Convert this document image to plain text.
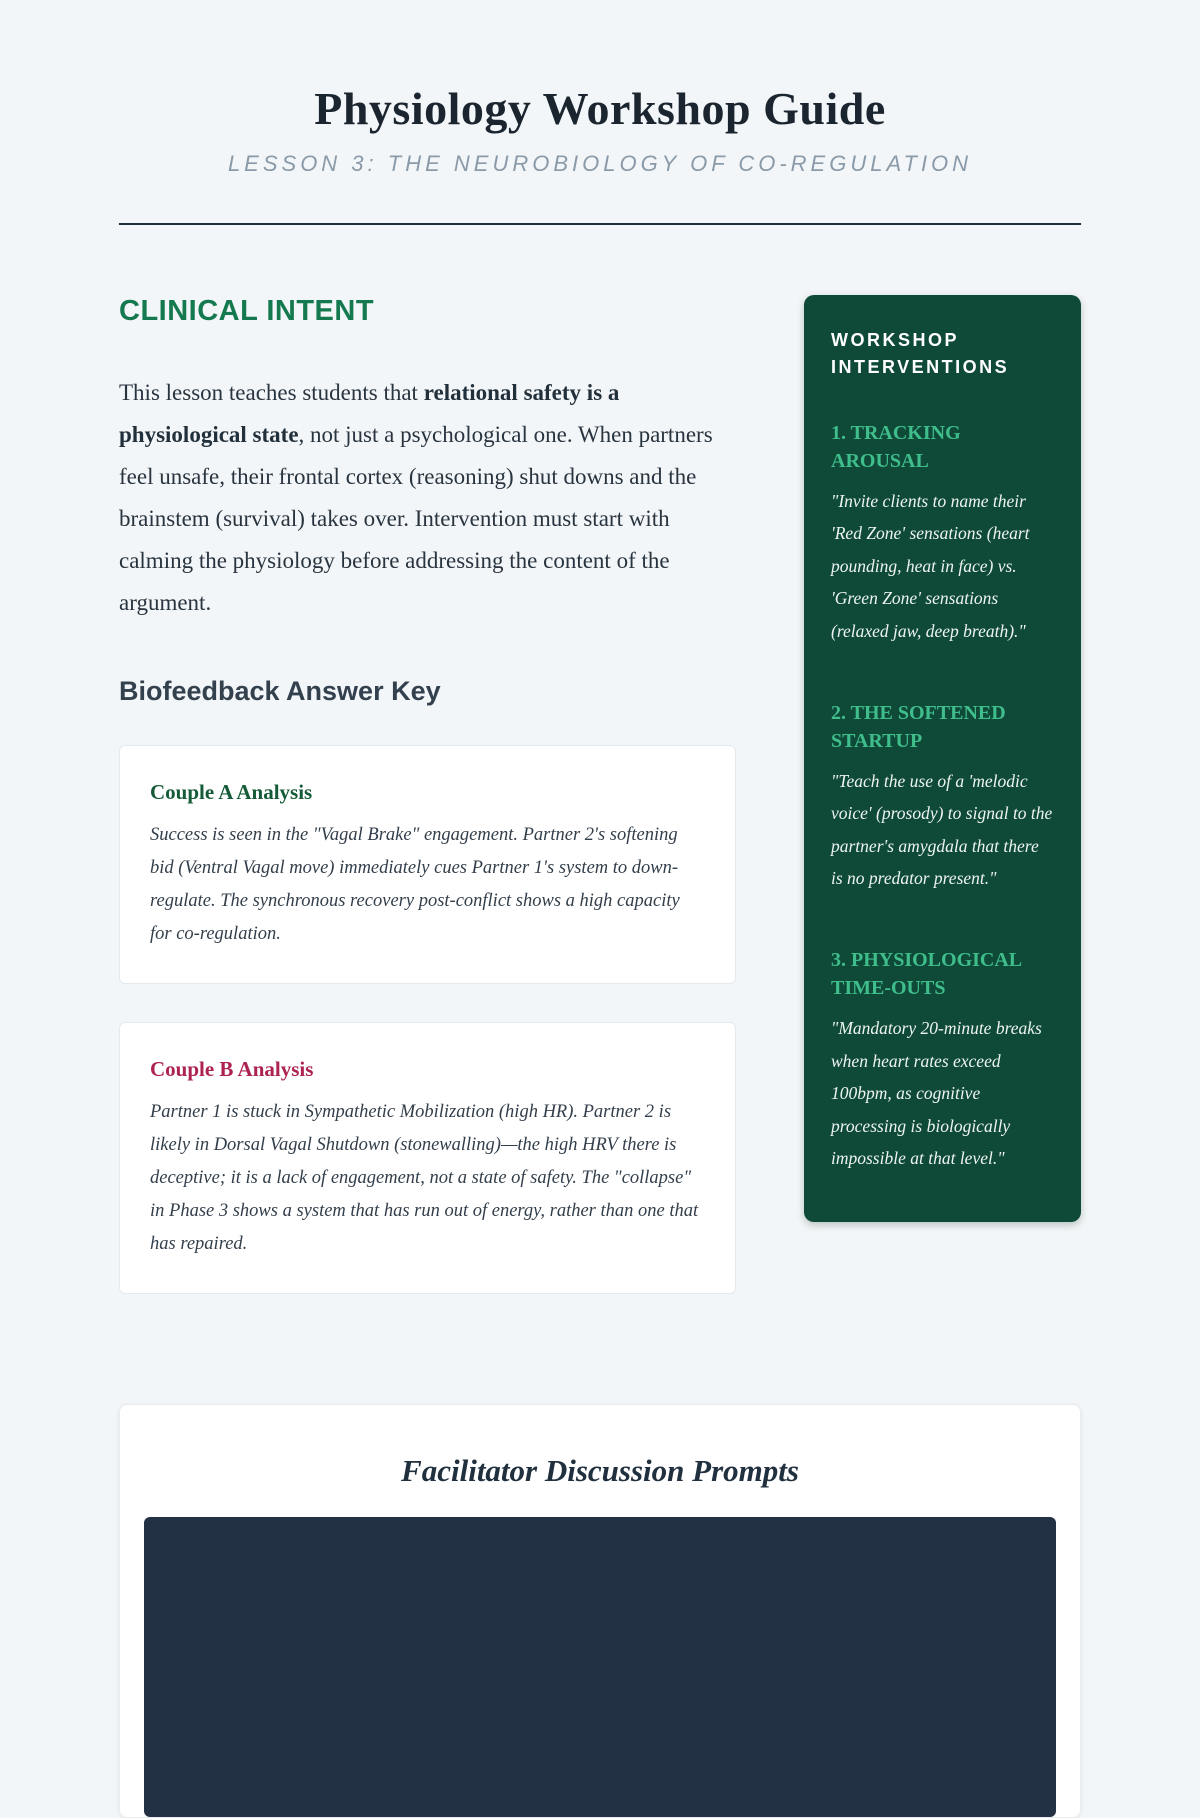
Physiology Workshop Guide
LESSON 3: THE NEUROBIOLOGY OF CO-REGULATION
CLINICAL INTENT

This lesson teaches students that relational safety is a physiological state, not just a psychological one. When partners feel unsafe, their frontal cortex (reasoning) shut downs and the brainstem (survival) takes over. Intervention must start with calming the physiology before addressing the content of the argument.

Biofeedback Answer Key
Couple A Analysis

Success is seen in the "Vagal Brake" engagement. Partner 2's softening bid (Ventral Vagal move) immediately cues Partner 1's system to down-regulate. The synchronous recovery post-conflict shows a high capacity for co-regulation.

Couple B Analysis

Partner 1 is stuck in Sympathetic Mobilization (high HR). Partner 2 is likely in Dorsal Vagal Shutdown (stonewalling)—the high HRV there is deceptive; it is a lack of engagement, not a state of safety. The "collapse" in Phase 3 shows a system that has run out of energy, rather than one that has repaired.

WORKSHOP INTERVENTIONS
1. TRACKING AROUSAL

"Invite clients to name their 'Red Zone' sensations (heart pounding, heat in face) vs. 'Green Zone' sensations (relaxed jaw, deep breath)."

2. THE SOFTENED STARTUP

"Teach the use of a 'melodic voice' (prosody) to signal to the partner's amygdala that there is no predator present."

3. PHYSIOLOGICAL TIME-OUTS

"Mandatory 20-minute breaks when heart rates exceed 100bpm, as cognitive processing is biologically impossible at that level."

Facilitator Discussion Prompts
